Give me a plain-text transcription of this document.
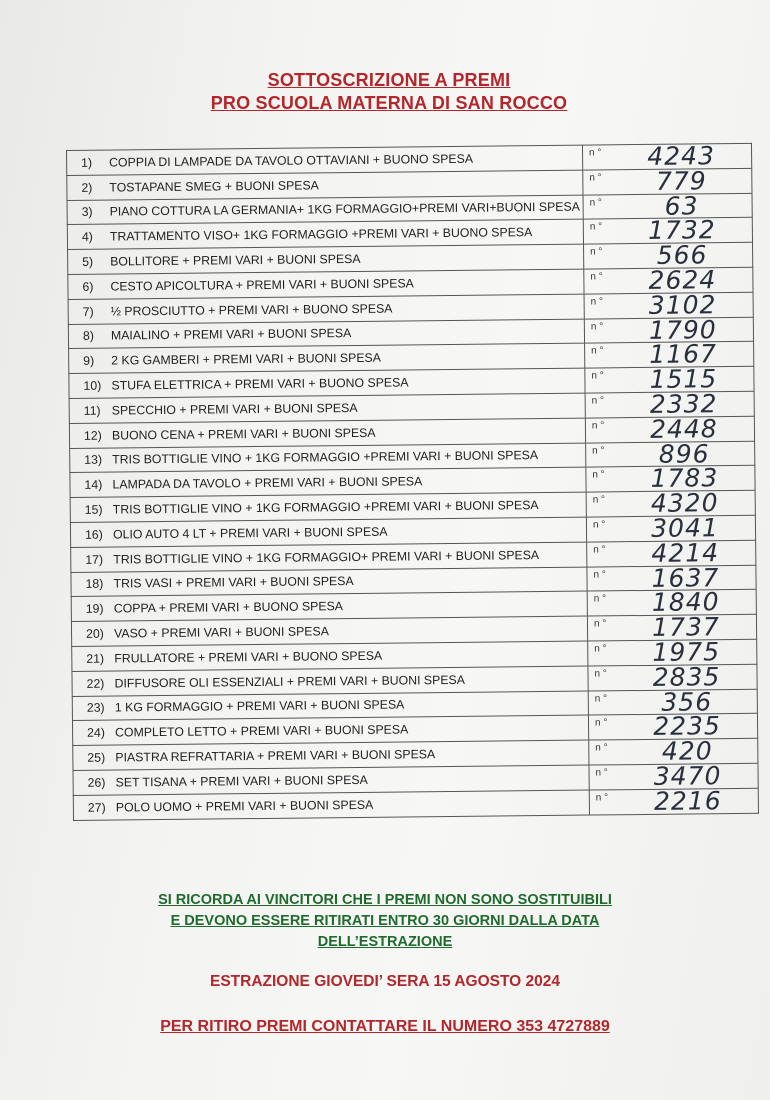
SOTTOSCRIZIONE A PREMI
PRO SCUOLA MATERNA DI SAN ROCCO
1) COPPIA DI LAMPADE DA TAVOLO OTTAVIANI + BUONO SPESA	n ° 4243

2) TOSTAPANE SMEG + BUONI SPESA	n ° 779

3) PIANO COTTURA LA GERMANIA+ 1KG FORMAGGIO+PREMI VARI+BUONI SPESA	n ° 63

4) TRATTAMENTO VISO+ 1KG FORMAGGIO +PREMI VARI + BUONO SPESA	n ° 1732

5) BOLLITORE + PREMI VARI + BUONI SPESA	n ° 566

6) CESTO APICOLTURA + PREMI VARI + BUONI SPESA	n ° 2624

7) ½ PROSCIUTTO + PREMI VARI + BUONO SPESA	n ° 3102

8) MAIALINO + PREMI VARI + BUONI SPESA	n ° 1790

9) 2 KG GAMBERI + PREMI VARI + BUONI SPESA	n ° 1167

10) STUFA ELETTRICA + PREMI VARI + BUONO SPESA	n ° 1515

11) SPECCHIO + PREMI VARI + BUONI SPESA	n ° 2332

12) BUONO CENA + PREMI VARI + BUONI SPESA	n ° 2448

13) TRIS BOTTIGLIE VINO + 1KG FORMAGGIO +PREMI VARI + BUONI SPESA	n ° 896

14) LAMPADA DA TAVOLO + PREMI VARI + BUONI SPESA	n ° 1783

15) TRIS BOTTIGLIE VINO + 1KG FORMAGGIO +PREMI VARI + BUONI SPESA	n ° 4320

16) OLIO AUTO 4 LT + PREMI VARI + BUONI SPESA	n ° 3041

17) TRIS BOTTIGLIE VINO + 1KG FORMAGGIO+ PREMI VARI + BUONI SPESA	n ° 4214

18) TRIS VASI + PREMI VARI + BUONI SPESA	n ° 1637

19) COPPA + PREMI VARI + BUONO SPESA	n ° 1840

20) VASO + PREMI VARI + BUONI SPESA	n ° 1737

21) FRULLATORE + PREMI VARI + BUONO SPESA	n ° 1975

22) DIFFUSORE OLI ESSENZIALI + PREMI VARI + BUONI SPESA	n ° 2835

23) 1 KG FORMAGGIO + PREMI VARI + BUONI SPESA	n ° 356

24) COMPLETO LETTO + PREMI VARI + BUONI SPESA	n ° 2235

25) PIASTRA REFRATTARIA + PREMI VARI + BUONI SPESA	n ° 420

26) SET TISANA + PREMI VARI + BUONI SPESA	n ° 3470

27) POLO UOMO + PREMI VARI + BUONI SPESA	n ° 2216
SI RICORDA AI VINCITORI CHE I PREMI NON SONO SOSTITUIBILI
E DEVONO ESSERE RITIRATI ENTRO 30 GIORNI DALLA DATA
DELL’ESTRAZIONE
ESTRAZIONE GIOVEDI’ SERA 15 AGOSTO 2024
PER RITIRO PREMI CONTATTARE IL NUMERO 353 4727889
